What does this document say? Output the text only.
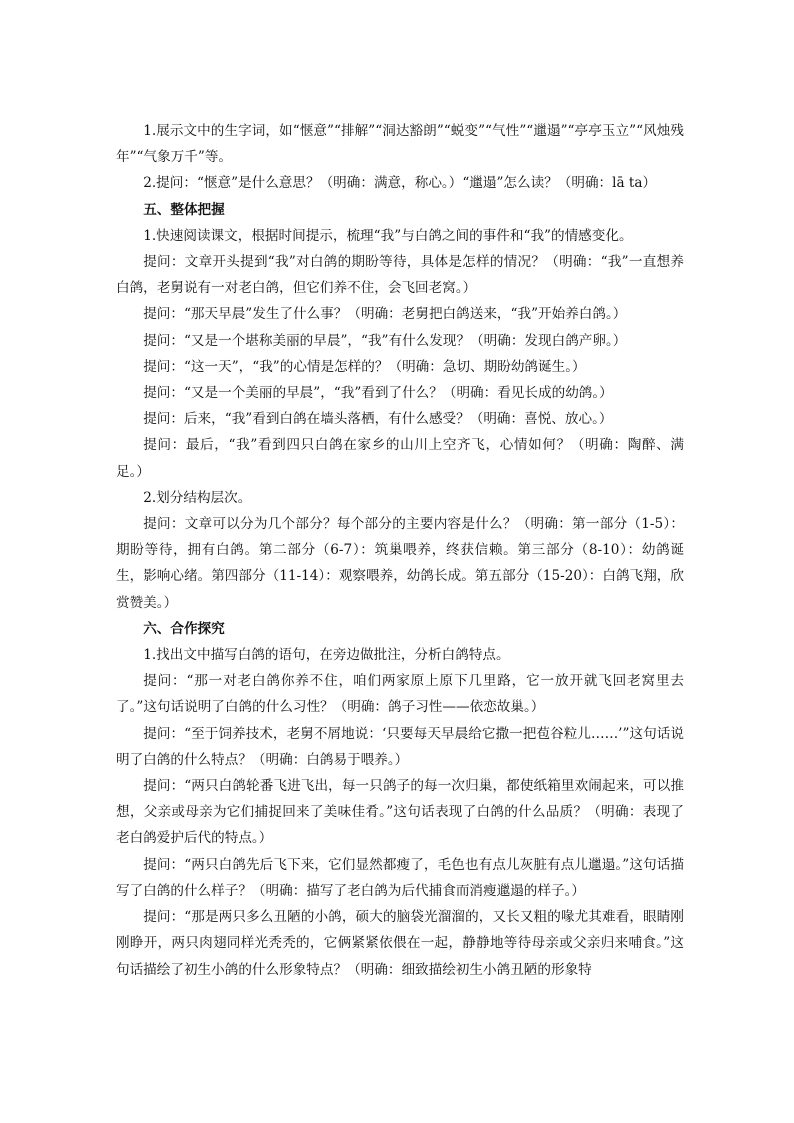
1.展示文中的生字词，如“惬意”“排解”“洞达豁朗”“蜕变”“气性”“邋遢”“亭亭玉立”“风烛残年”“气象万千”等。

2.提问：“惬意”是什么意思？（明确：满意，称心。）“邋遢”怎么读？（明确：lā ta）

五、整体把握

1.快速阅读课文，根据时间提示，梳理“我”与白鸽之间的事件和“我”的情感变化。

提问：文章开头提到“我”对白鸽的期盼等待，具体是怎样的情况？（明确：“我”一直想养白鸽，老舅说有一对老白鸽，但它们养不住，会飞回老窝。）

提问：“那天早晨”发生了什么事？（明确：老舅把白鸽送来，“我”开始养白鸽。）

提问：“又是一个堪称美丽的早晨”，“我”有什么发现？（明确：发现白鸽产卵。）

提问：“这一天”，“我”的心情是怎样的？（明确：急切、期盼幼鸽诞生。）

提问：“又是一个美丽的早晨”，“我”看到了什么？（明确：看见长成的幼鸽。）

提问：后来，“我”看到白鸽在墙头落栖，有什么感受？（明确：喜悦、放心。）

提问：最后，“我”看到四只白鸽在家乡的山川上空齐飞，心情如何？（明确：陶醉、满足。）

2.划分结构层次。

提问：文章可以分为几个部分？每个部分的主要内容是什么？（明确：第一部分（1-5）：期盼等待，拥有白鸽。第二部分（6-7）：筑巢喂养，终获信赖。第三部分（8-10）：幼鸽诞生，影响心绪。第四部分（11-14）：观察喂养，幼鸽长成。第五部分（15-20）：白鸽飞翔，欣赏赞美。）

六、合作探究

1.找出文中描写白鸽的语句，在旁边做批注，分析白鸽特点。

提问：“那一对老白鸽你养不住，咱们两家原上原下几里路，它一放开就飞回老窝里去了。”这句话说明了白鸽的什么习性？（明确：鸽子习性——依恋故巢。）

提问：“至于饲养技术，老舅不屑地说：‘只要每天早晨给它撒一把苞谷粒儿……’”这句话说明了白鸽的什么特点？（明确：白鸽易于喂养。）

提问：“两只白鸽轮番飞进飞出，每一只鸽子的每一次归巢，都使纸箱里欢闹起来，可以推想，父亲或母亲为它们捕捉回来了美味佳肴。”这句话表现了白鸽的什么品质？（明确：表现了老白鸽爱护后代的特点。）

提问：“两只白鸽先后飞下来，它们显然都瘦了，毛色也有点儿灰脏有点儿邋遢。”这句话描写了白鸽的什么样子？（明确：描写了老白鸽为后代捕食而消瘦邋遢的样子。）

提问：“那是两只多么丑陋的小鸽，硕大的脑袋光溜溜的，又长又粗的喙尤其难看，眼睛刚刚睁开，两只肉翅同样光秃秃的，它俩紧紧依偎在一起，静静地等待母亲或父亲归来哺食。”这句话描绘了初生小鸽的什么形象特点？（明确：细致描绘初生小鸽丑陋的形象特
